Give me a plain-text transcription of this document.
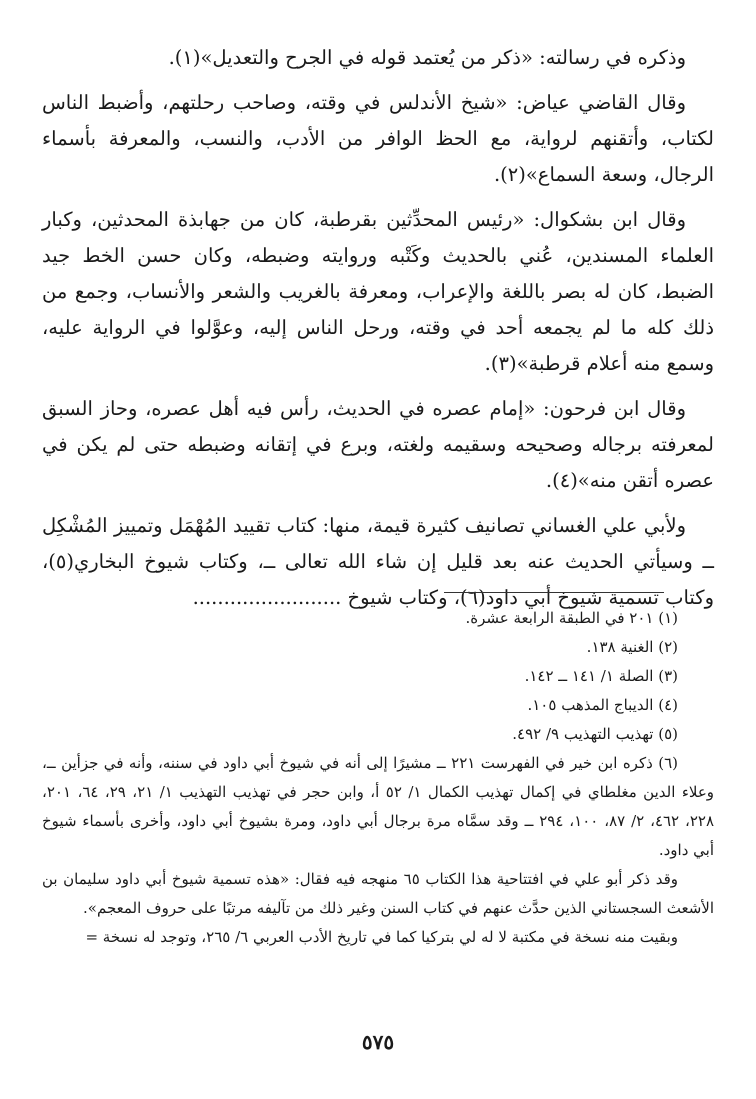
وذكره في رسالته: «ذكر من يُعتمد قوله في الجرح والتعديل»(١).

وقال القاضي عياض: «شيخ الأندلس في وقته، وصاحب رحلتهم، وأضبط الناس لكتاب، وأتقنهم لرواية، مع الحظ الوافر من الأدب، والنسب، والمعرفة بأسماء الرجال، وسعة السماع»(٢).

وقال ابن بشكوال: «رئيس المحدِّثين بقرطبة، كان من جهابذة المحدثين، وكبار العلماء المسندين، عُني بالحديث وكَتْبه وروايته وضبطه، وكان حسن الخط جيد الضبط، كان له بصر باللغة والإعراب، ومعرفة بالغريب والشعر والأنساب، وجمع من ذلك كله ما لم يجمعه أحد في وقته، ورحل الناس إليه، وعوَّلوا في الرواية عليه، وسمع منه أعلام قرطبة»(٣).

وقال ابن فرحون: «إمام عصره في الحديث، رأس فيه أهل عصره، وحاز السبق لمعرفته برجاله وصحيحه وسقيمه ولغته، وبرع في إتقانه وضبطه حتى لم يكن في عصره أتقن منه»(٤).

ولأبي علي الغساني تصانيف كثيرة قيمة، منها: كتاب تقييد المُهْمَل وتمييز المُشْكِل ــ وسيأتي الحديث عنه بعد قليل إن شاء الله تعالى ــ، وكتاب شيوخ البخاري(٥)، وكتاب تسمية شيوخ أبي داود(٦)، وكتاب شيوخ ........................

(١) ٢٠١ في الطبقة الرابعة عشرة.

(٢) الغنية ١٣٨.

(٣) الصلة ١/ ١٤١ ــ ١٤٢.

(٤) الديباج المذهب ١٠٥.

(٥) تهذيب التهذيب ٩/ ٤٩٢.

(٦) ذكره ابن خير في الفهرست ٢٢١ ــ مشيرًا إلى أنه في شيوخ أبي داود في سننه، وأنه في جزأين ــ، وعلاء الدين مغلطاي في إكمال تهذيب الكمال ١/ ٥٢ أ، وابن حجر في تهذيب التهذيب ١/ ٢١، ٢٩، ٦٤، ٢٠١، ٢٢٨، ٤٦٢، ٢/ ٨٧، ١٠٠، ٢٩٤ ــ وقد سمَّاه مرة برجال أبي داود، ومرة بشيوخ أبي داود، وأخرى بأسماء شيوخ أبي داود.

وقد ذكر أبو علي في افتتاحية هذا الكتاب ٦٥ منهجه فيه فقال: «هذه تسمية شيوخ أبي داود سليمان بن الأشعث السجستاني الذين حدَّث عنهم في كتاب السنن وغير ذلك من تآليفه مرتبًا على حروف المعجم».

وبقيت منه نسخة في مكتبة لا له لي بتركيا كما في تاريخ الأدب العربي ٦/ ٢٦٥، وتوجد له نسخة =

٥٧٥
